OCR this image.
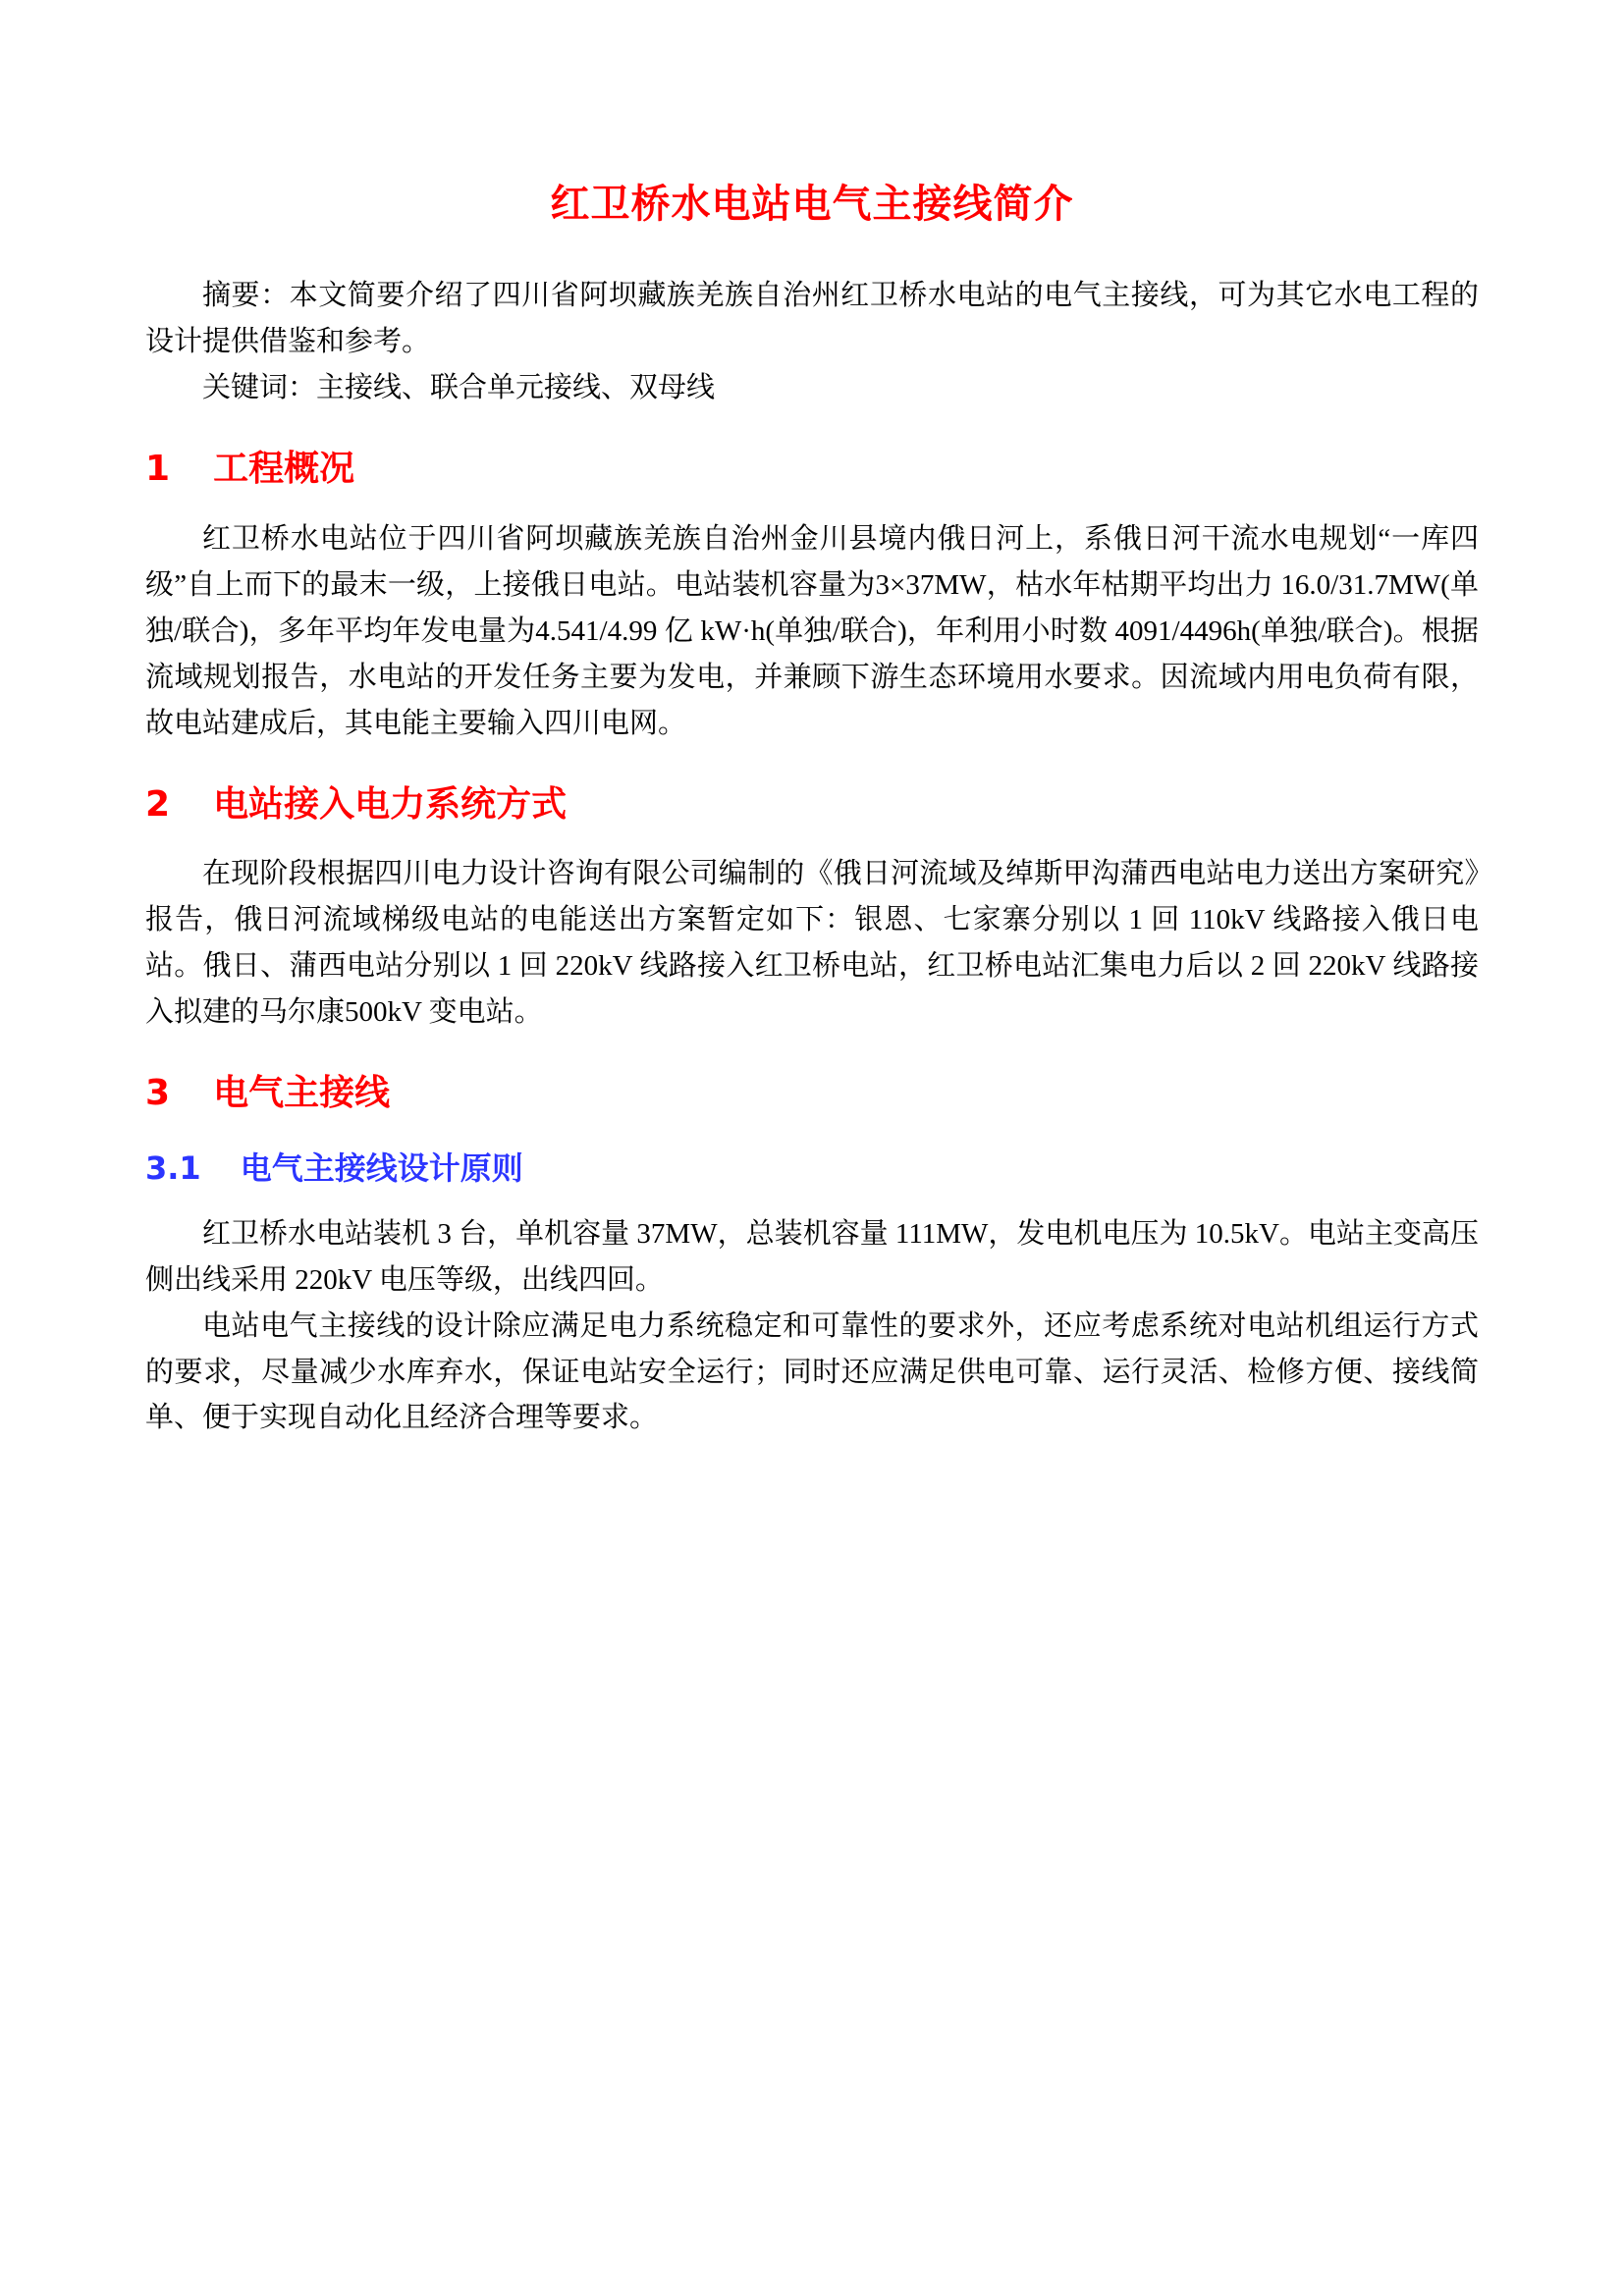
红卫桥水电站电气主接线简介

摘要：本文简要介绍了四川省阿坝藏族羌族自治州红卫桥水电站的电气主接线，可为其它水电工程的设计提供借鉴和参考。

关键词：主接线、联合单元接线、双母线

1 工程概况

红卫桥水电站位于四川省阿坝藏族羌族自治州金川县境内俄日河上，系俄日河干流水电规划“一库四级”自上而下的最末一级，上接俄日电站。电站装机容量为3×37MW，枯水年枯期平均出力 16.0/31.7MW(单独/联合)，多年平均年发电量为4.541/4.99 亿 kW·h(单独/联合)，年利用小时数 4091/4496h(单独/联合)。根据流域规划报告，水电站的开发任务主要为发电，并兼顾下游生态环境用水要求。因流域内用电负荷有限，故电站建成后，其电能主要输入四川电网。

2 电站接入电力系统方式

在现阶段根据四川电力设计咨询有限公司编制的《俄日河流域及绰斯甲沟蒲西电站电力送出方案研究》报告，俄日河流域梯级电站的电能送出方案暂定如下：银恩、七家寨分别以 1 回 110kV 线路接入俄日电站。俄日、蒲西电站分别以 1 回 220kV 线路接入红卫桥电站，红卫桥电站汇集电力后以 2 回 220kV 线路接入拟建的马尔康500kV 变电站。

3 电气主接线
3.1 电气主接线设计原则

红卫桥水电站装机 3 台，单机容量 37MW，总装机容量 111MW，发电机电压为 10.5kV。电站主变高压侧出线采用 220kV 电压等级，出线四回。

电站电气主接线的设计除应满足电力系统稳定和可靠性的要求外，还应考虑系统对电站机组运行方式的要求，尽量减少水库弃水，保证电站安全运行；同时还应满足供电可靠、运行灵活、检修方便、接线简单、便于实现自动化且经济合理等要求。
